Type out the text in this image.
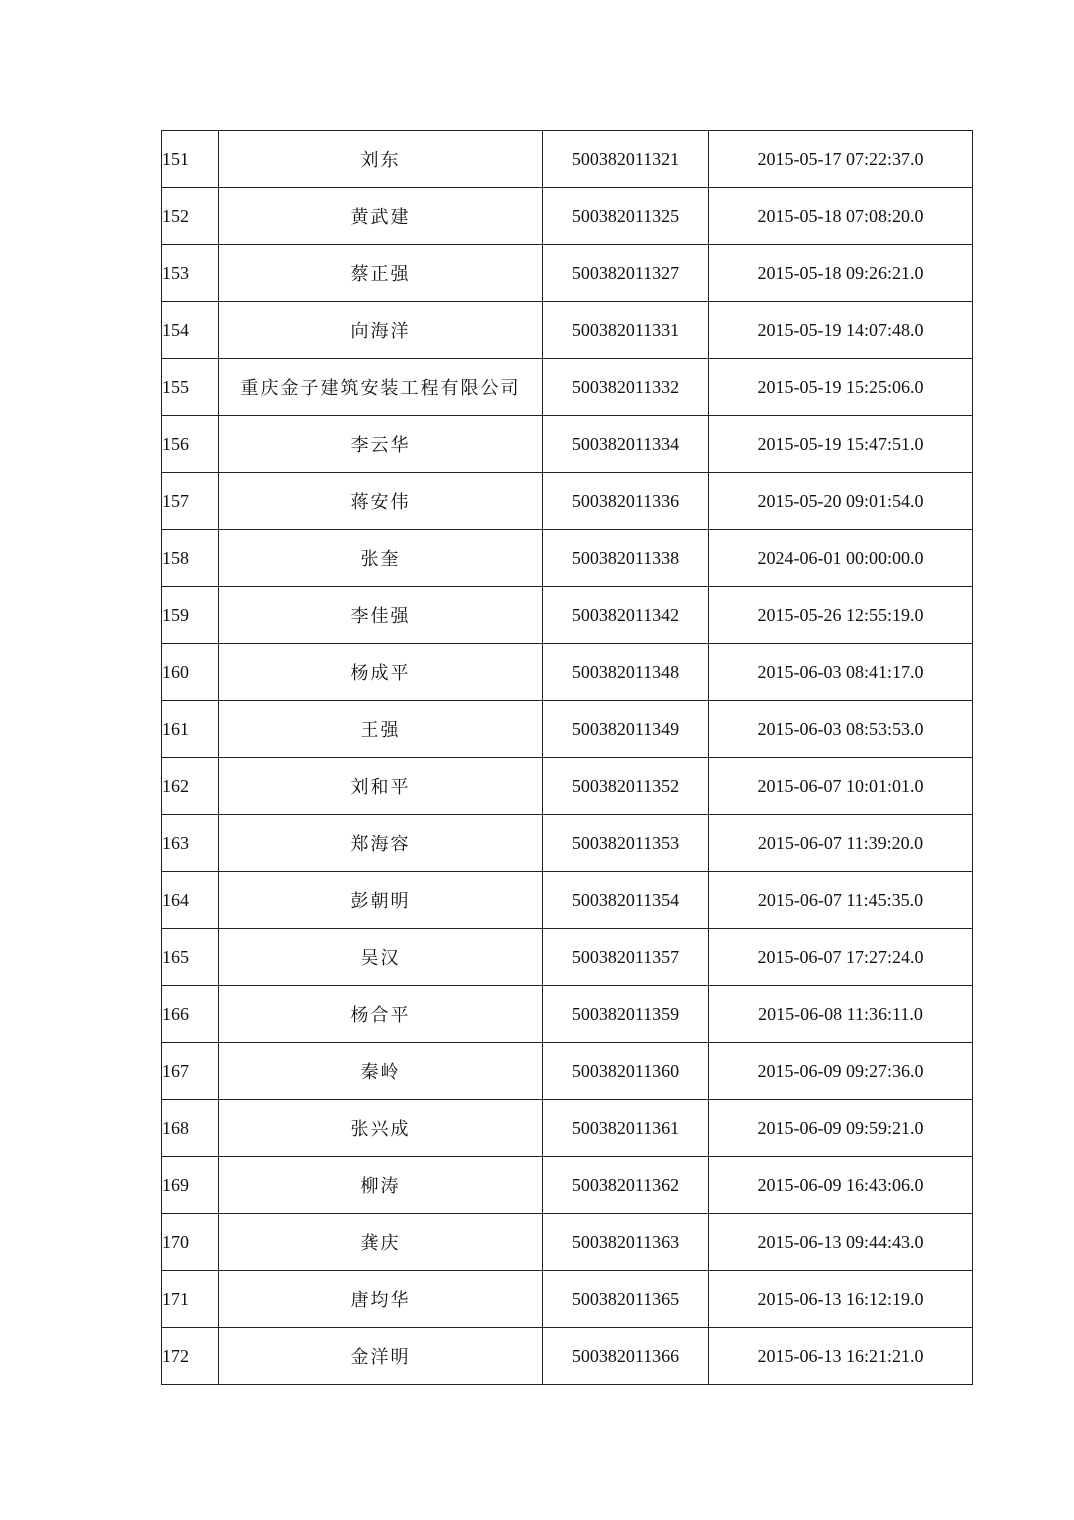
151	刘东	500382011321	2015-05-17 07:22:37.0
152	黄武建	500382011325	2015-05-18 07:08:20.0
153	蔡正强	500382011327	2015-05-18 09:26:21.0
154	向海洋	500382011331	2015-05-19 14:07:48.0
155	重庆金子建筑安装工程有限公司	500382011332	2015-05-19 15:25:06.0
156	李云华	500382011334	2015-05-19 15:47:51.0
157	蒋安伟	500382011336	2015-05-20 09:01:54.0
158	张奎	500382011338	2024-06-01 00:00:00.0
159	李佳强	500382011342	2015-05-26 12:55:19.0
160	杨成平	500382011348	2015-06-03 08:41:17.0
161	王强	500382011349	2015-06-03 08:53:53.0
162	刘和平	500382011352	2015-06-07 10:01:01.0
163	郑海容	500382011353	2015-06-07 11:39:20.0
164	彭朝明	500382011354	2015-06-07 11:45:35.0
165	吴汉	500382011357	2015-06-07 17:27:24.0
166	杨合平	500382011359	2015-06-08 11:36:11.0
167	秦岭	500382011360	2015-06-09 09:27:36.0
168	张兴成	500382011361	2015-06-09 09:59:21.0
169	柳涛	500382011362	2015-06-09 16:43:06.0
170	龚庆	500382011363	2015-06-13 09:44:43.0
171	唐均华	500382011365	2015-06-13 16:12:19.0
172	金洋明	500382011366	2015-06-13 16:21:21.0
